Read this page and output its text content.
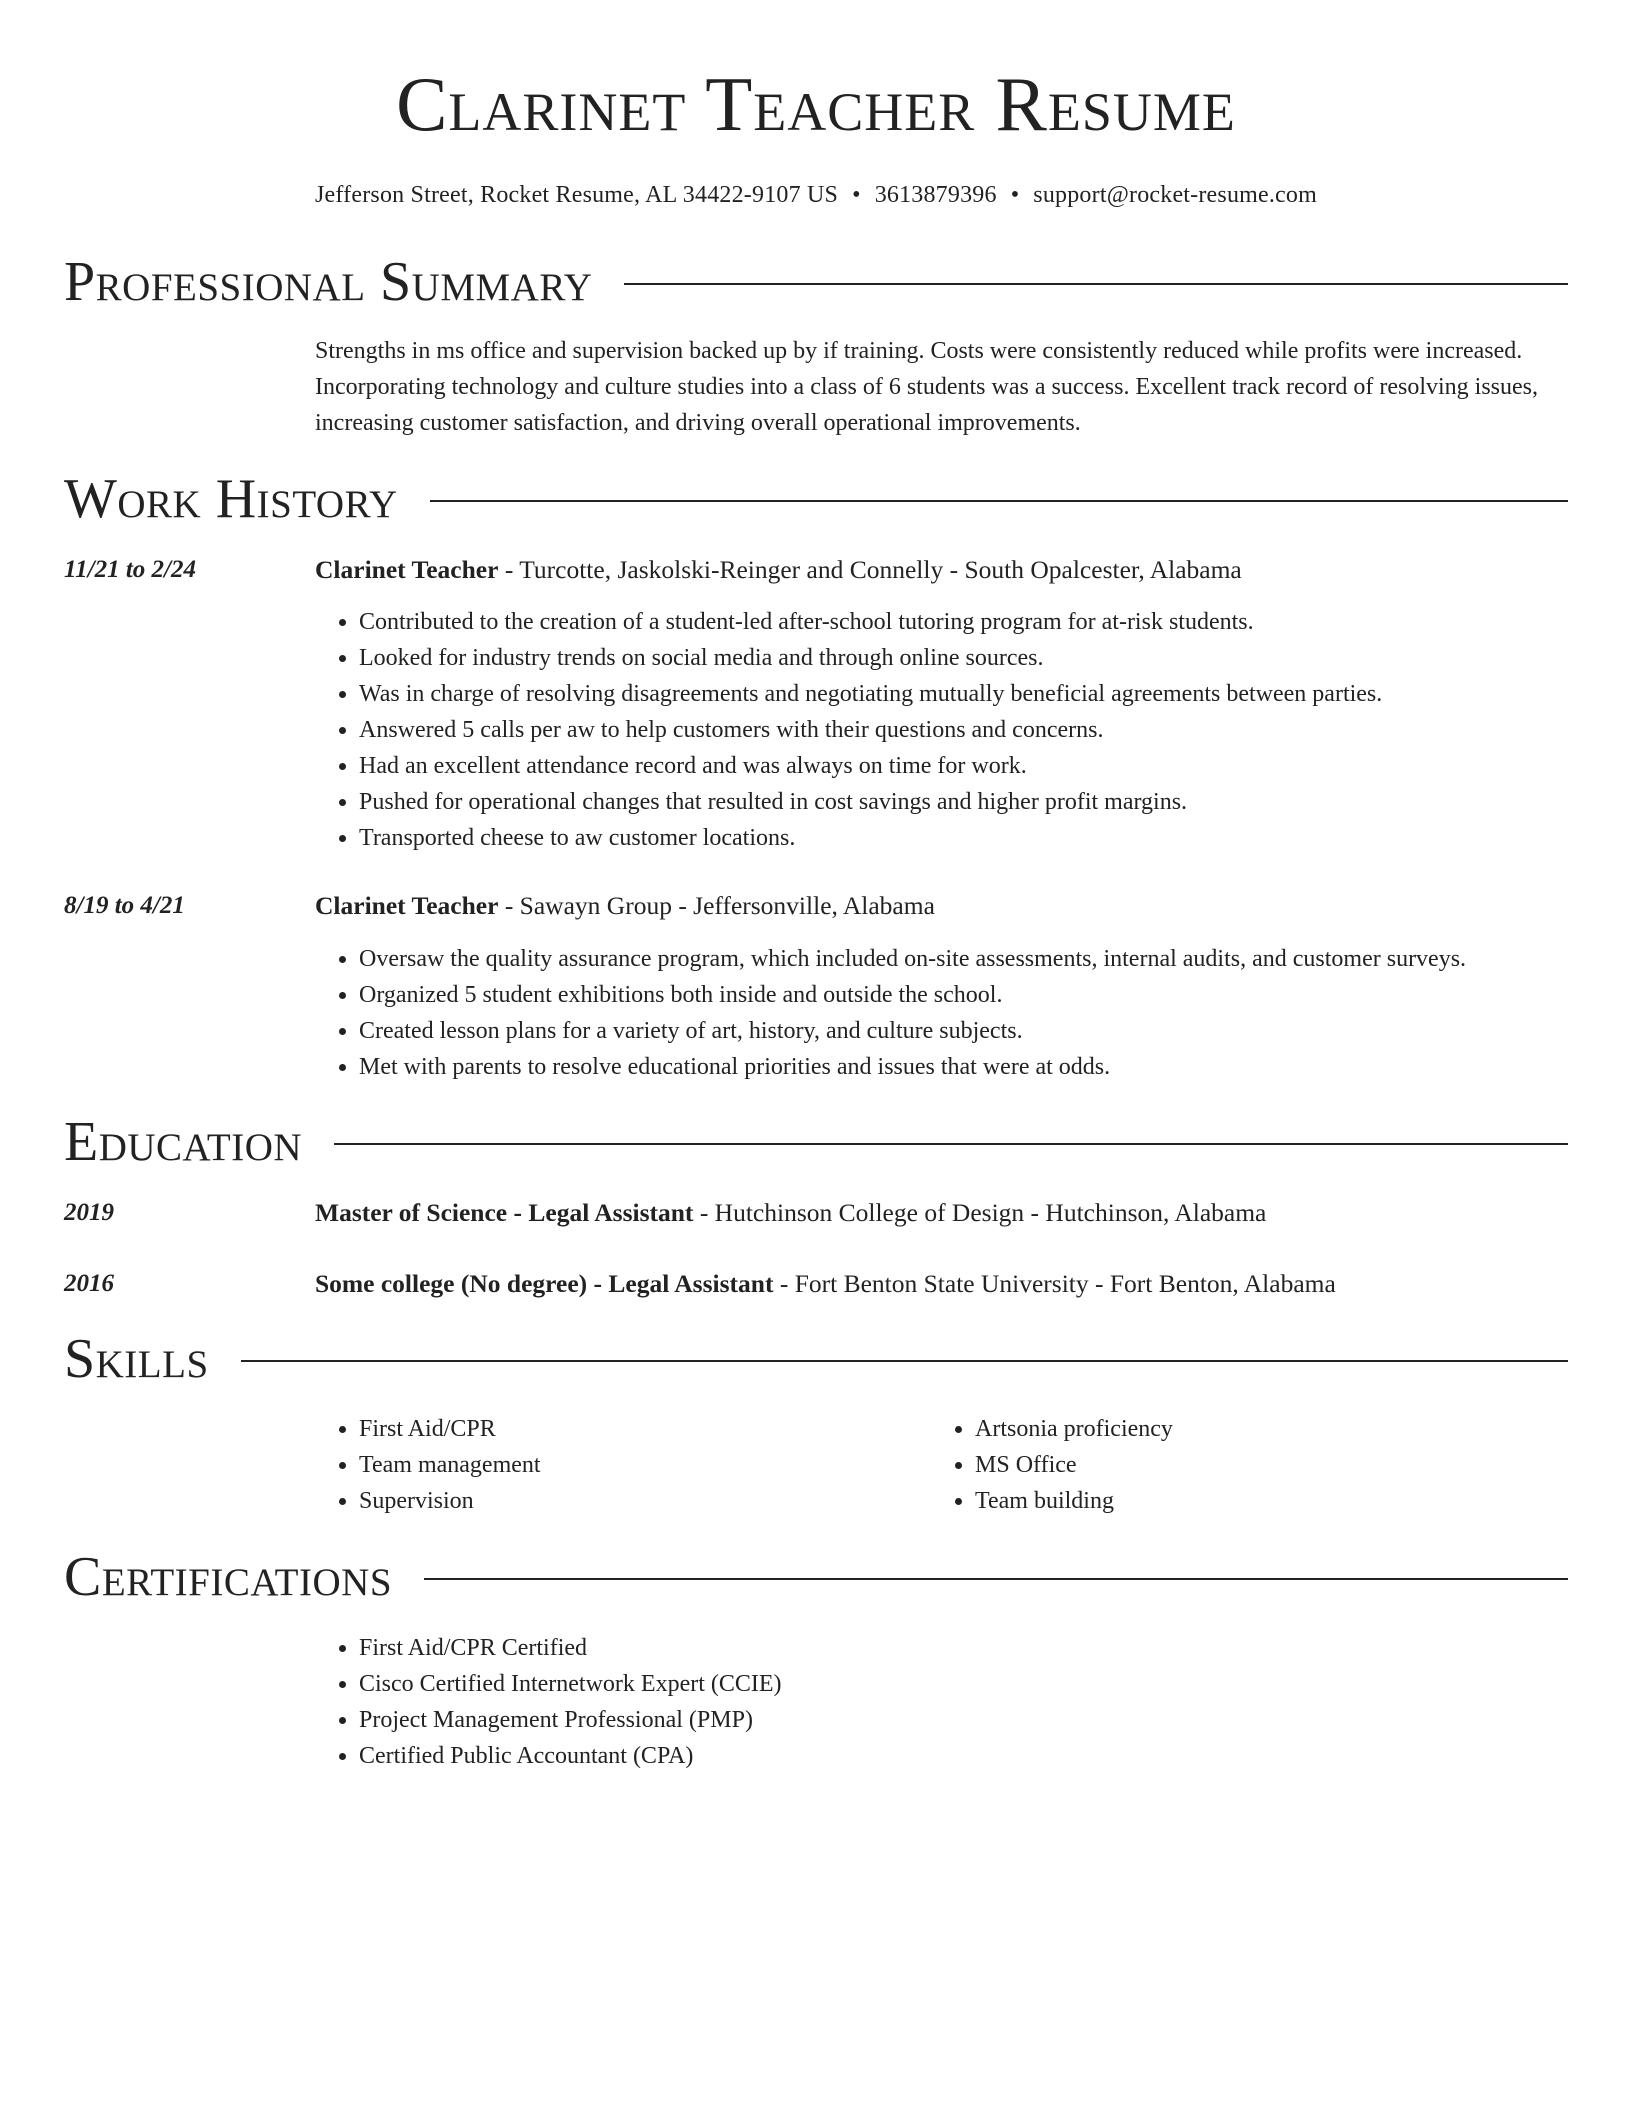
Clarinet Teacher Resume
Jefferson Street, Rocket Resume, AL 34422-9107 US • 3613879396 • support@rocket-resume.com
Professional Summary
Strengths in ms office and supervision backed up by if training. Costs were consistently reduced while profits were increased. Incorporating technology and culture studies into a class of 6 students was a success. Excellent track record of resolving issues, increasing customer satisfaction, and driving overall operational improvements.
Work History
11/21 to 2/24	Clarinet Teacher - Turcotte, Jaskolski-Reinger and Connelly - South Opalcester, Alabama
• Contributed to the creation of a student-led after-school tutoring program for at-risk students.
• Looked for industry trends on social media and through online sources.
• Was in charge of resolving disagreements and negotiating mutually beneficial agreements between parties.
• Answered 5 calls per aw to help customers with their questions and concerns.
• Had an excellent attendance record and was always on time for work.
• Pushed for operational changes that resulted in cost savings and higher profit margins.
• Transported cheese to aw customer locations.
8/19 to 4/21	Clarinet Teacher - Sawayn Group - Jeffersonville, Alabama
• Oversaw the quality assurance program, which included on-site assessments, internal audits, and customer surveys.
• Organized 5 student exhibitions both inside and outside the school.
• Created lesson plans for a variety of art, history, and culture subjects.
• Met with parents to resolve educational priorities and issues that were at odds.
Education
2019	Master of Science - Legal Assistant - Hutchinson College of Design - Hutchinson, Alabama
2016	Some college (No degree) - Legal Assistant - Fort Benton State University - Fort Benton, Alabama
Skills
• First Aid/CPR
• Team management
• Supervision
• Artsonia proficiency
• MS Office
• Team building
Certifications
• First Aid/CPR Certified
• Cisco Certified Internetwork Expert (CCIE)
• Project Management Professional (PMP)
• Certified Public Accountant (CPA)
